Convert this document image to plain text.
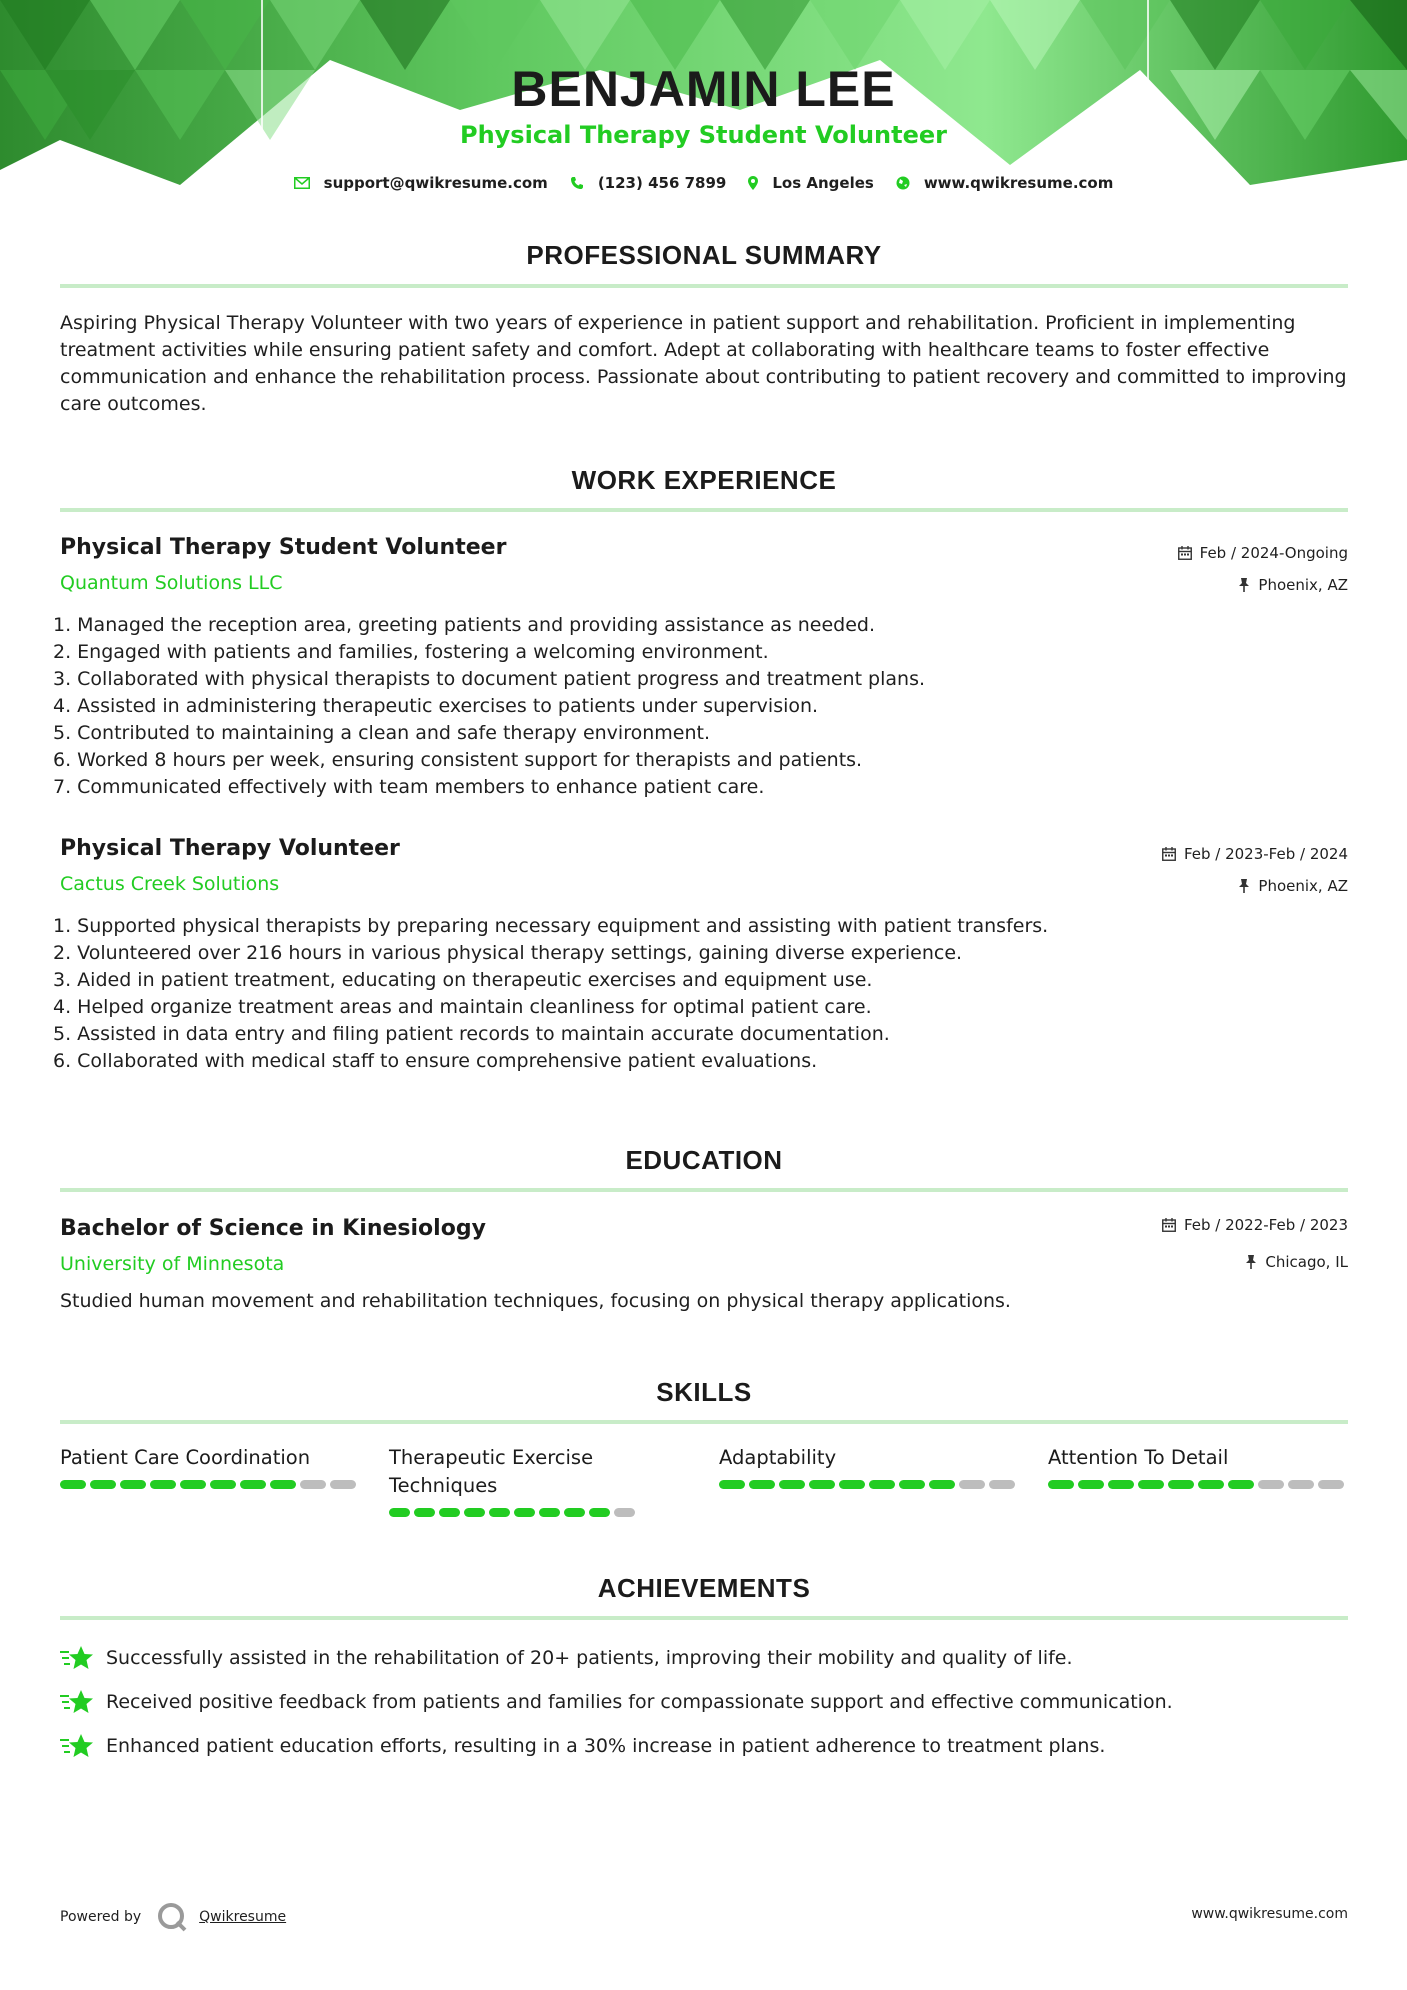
BENJAMIN LEE
Physical Therapy Student Volunteer
support@qwikresume.com	(123) 456 7899	Los Angeles	www.qwikresume.com
PROFESSIONAL SUMMARY
Aspiring Physical Therapy Volunteer with two years of experience in patient support and rehabilitation. Proficient in implementing treatment activities while ensuring patient safety and comfort. Adept at collaborating with healthcare teams to foster effective communication and enhance the rehabilitation process. Passionate about contributing to patient recovery and committed to improving care outcomes.
WORK EXPERIENCE
Physical Therapy Student Volunteer
Quantum Solutions LLC
Feb / 2024-Ongoing
Phoenix, AZ
1. Managed the reception area, greeting patients and providing assistance as needed.
2. Engaged with patients and families, fostering a welcoming environment.
3. Collaborated with physical therapists to document patient progress and treatment plans.
4. Assisted in administering therapeutic exercises to patients under supervision.
5. Contributed to maintaining a clean and safe therapy environment.
6. Worked 8 hours per week, ensuring consistent support for therapists and patients.
7. Communicated effectively with team members to enhance patient care.
Physical Therapy Volunteer
Cactus Creek Solutions
Feb / 2023-Feb / 2024
Phoenix, AZ
1. Supported physical therapists by preparing necessary equipment and assisting with patient transfers.
2. Volunteered over 216 hours in various physical therapy settings, gaining diverse experience.
3. Aided in patient treatment, educating on therapeutic exercises and equipment use.
4. Helped organize treatment areas and maintain cleanliness for optimal patient care.
5. Assisted in data entry and filing patient records to maintain accurate documentation.
6. Collaborated with medical staff to ensure comprehensive patient evaluations.
EDUCATION
Bachelor of Science in Kinesiology
University of Minnesota
Feb / 2022-Feb / 2023
Chicago, IL
Studied human movement and rehabilitation techniques, focusing on physical therapy applications.
SKILLS
Patient Care Coordination	Therapeutic Exercise Techniques
Adaptability	Attention To Detail
ACHIEVEMENTS
Successfully assisted in the rehabilitation of 20+ patients, improving their mobility and quality of life.
Received positive feedback from patients and families for compassionate support and effective communication.
Enhanced patient education efforts, resulting in a 30% increase in patient adherence to treatment plans.
Powered by	Qwikresume	www.qwikresume.com
